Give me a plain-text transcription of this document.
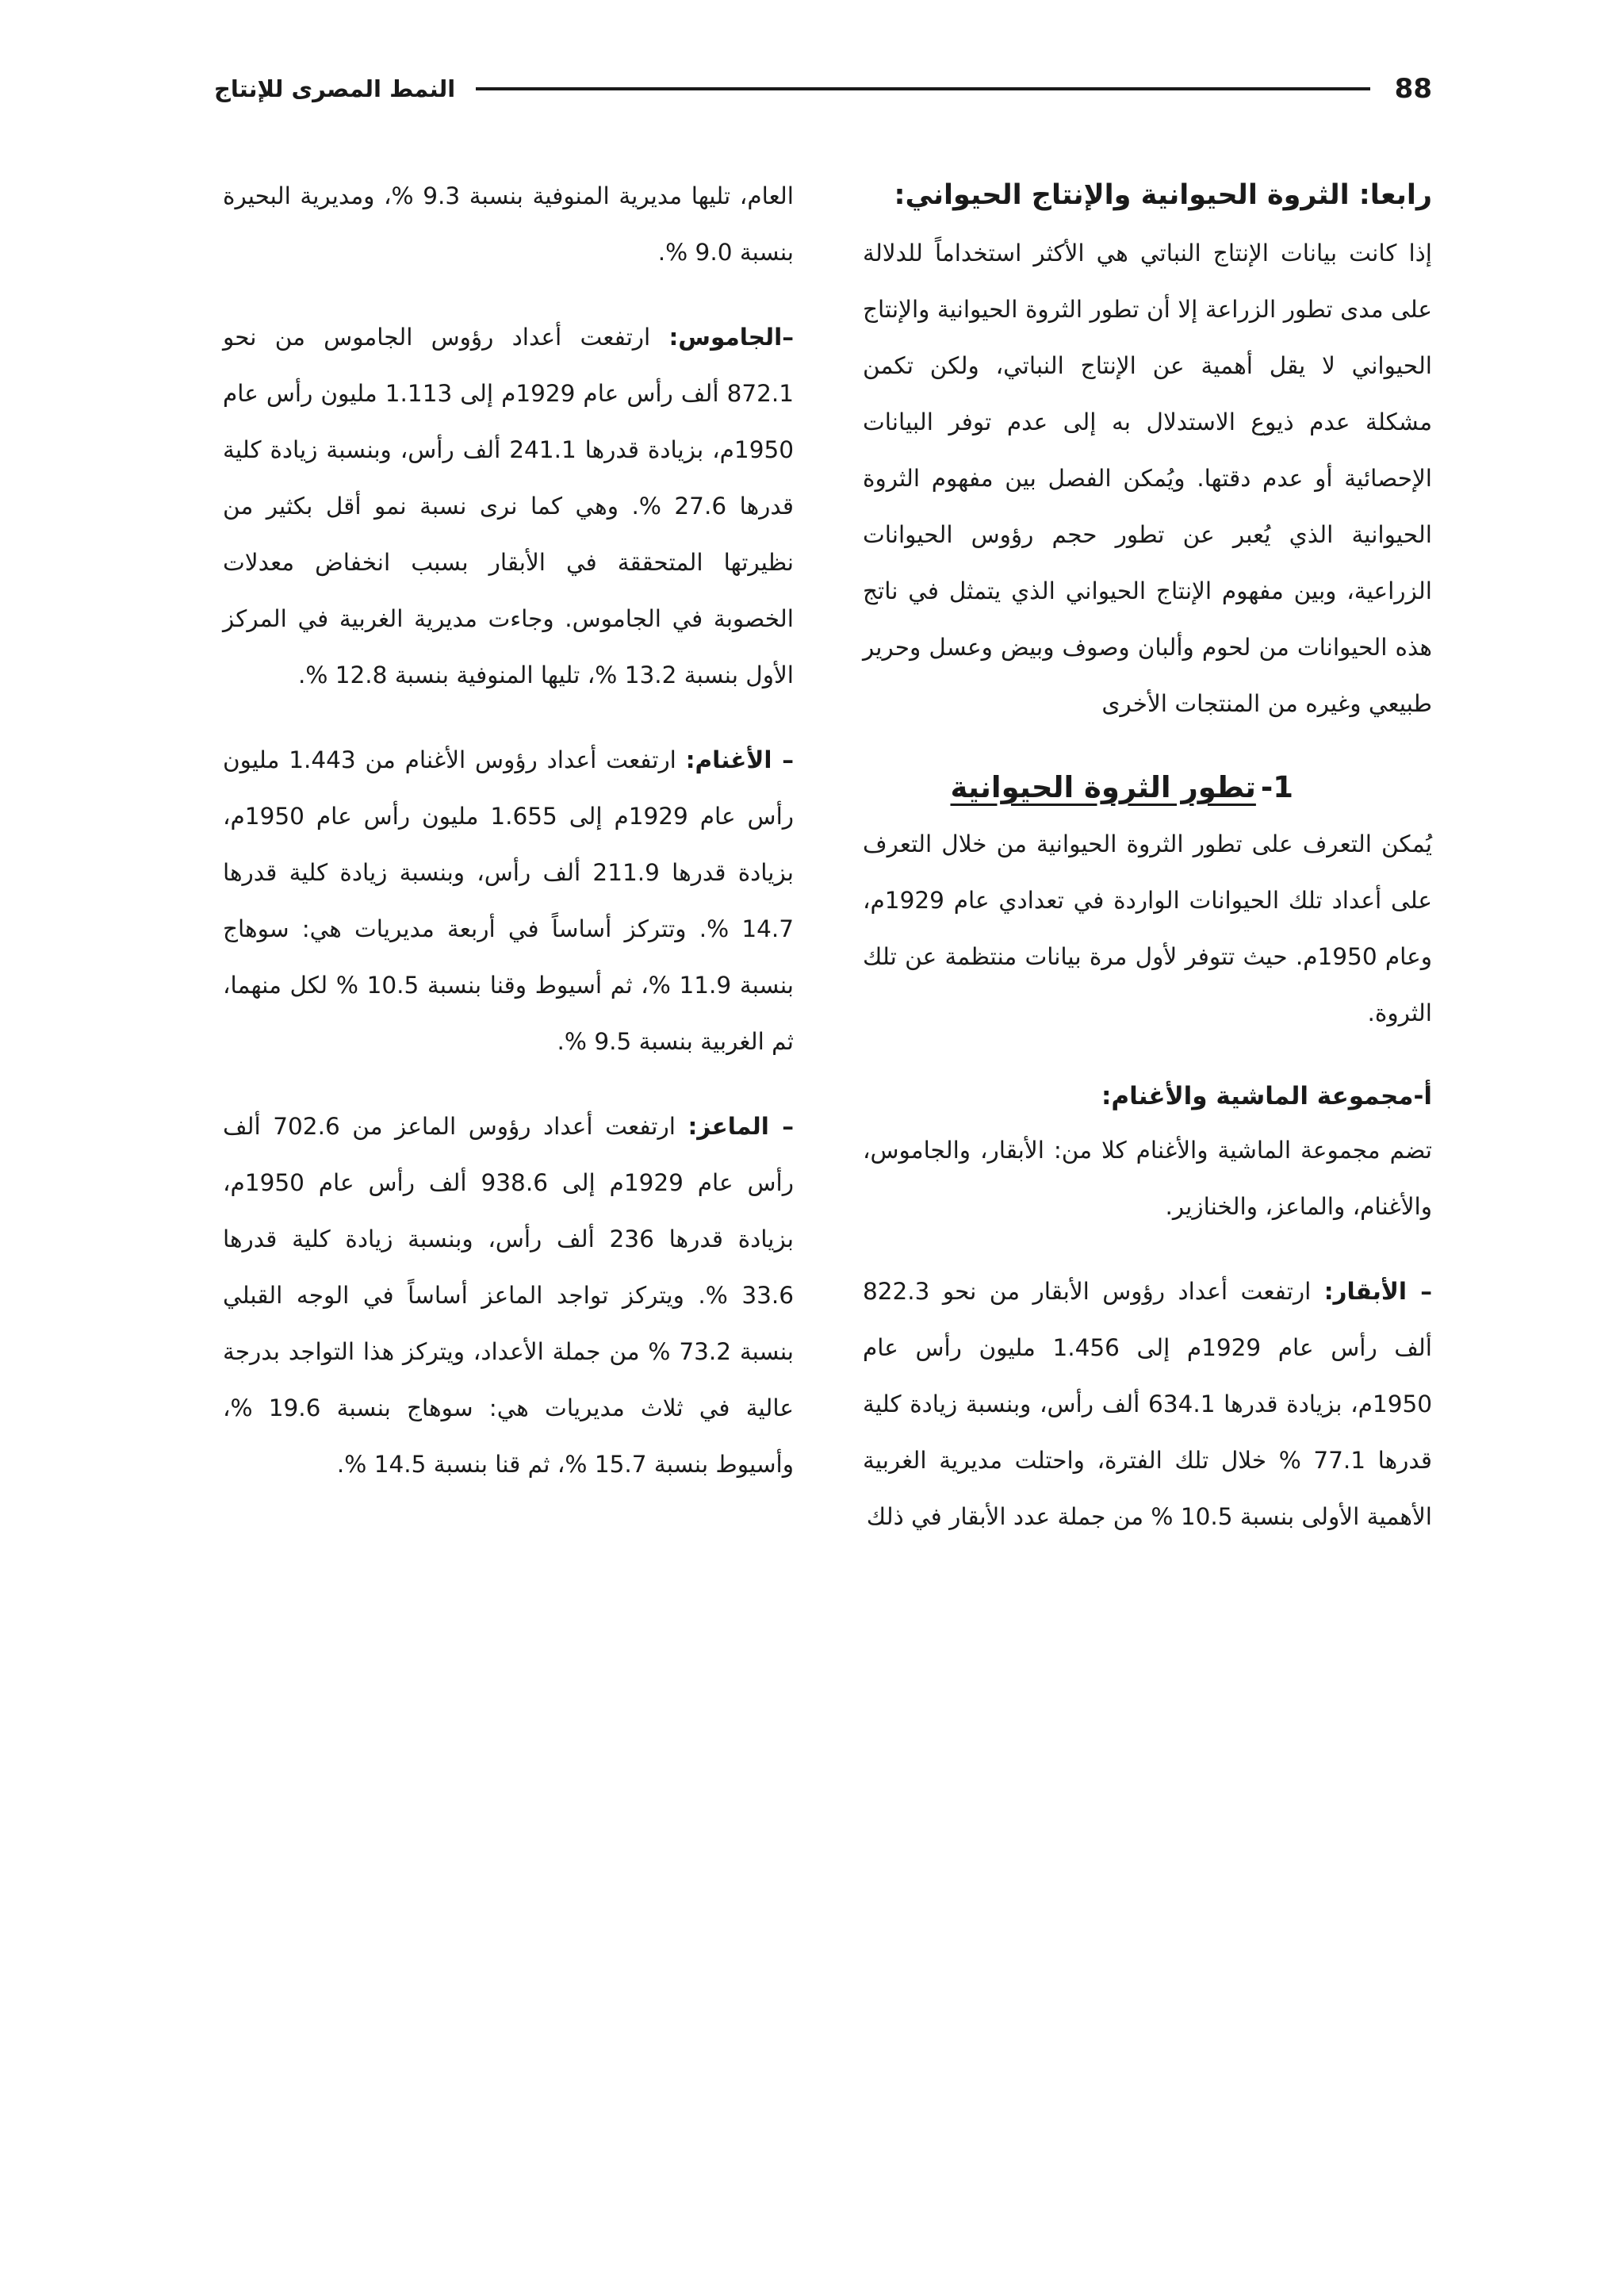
88
النمط المصرى للإنتاج
رابعا: الثروة الحيوانية والإنتاج الحيواني:

إذا كانت بيانات الإنتاج النباتي هي الأكثر استخداماً للدلالة على مدى تطور الزراعة إلا أن تطور الثروة الحيوانية والإنتاج الحيواني لا يقل أهمية عن الإنتاج النباتي، ولكن تكمن مشكلة عدم ذيوع الاستدلال به إلى عدم توفر البيانات الإحصائية أو عدم دقتها. ويُمكن الفصل بين مفهوم الثروة الحيوانية الذي يُعبر عن تطور حجم رؤوس الحيوانات الزراعية، وبين مفهوم الإنتاج الحيواني الذي يتمثل في ناتج هذه الحيوانات من لحوم وألبان وصوف وبيض وعسل وحرير طبيعي وغيره من المنتجات الأخرى

1-تطور الثروة الحيوانية

يُمكن التعرف على تطور الثروة الحيوانية من خلال التعرف على أعداد تلك الحيوانات الواردة في تعدادي عام 1929م، وعام 1950م. حيث تتوفر لأول مرة بيانات منتظمة عن تلك الثروة.

أ-مجموعة الماشية والأغنام:

تضم مجموعة الماشية والأغنام كلا من: الأبقار، والجاموس، والأغنام، والماعز، والخنازير.

– الأبقار: ارتفعت أعداد رؤوس الأبقار من نحو 822.3 ألف رأس عام 1929م إلى 1.456 مليون رأس عام 1950م، بزيادة قدرها 634.1 ألف رأس، وبنسبة زيادة كلية قدرها 77.1 % خلال تلك الفترة، واحتلت مديرية الغربية الأهمية الأولى بنسبة 10.5 % من جملة عدد الأبقار في ذلك

العام، تليها مديرية المنوفية بنسبة 9.3 %، ومديرية البحيرة بنسبة 9.0 %.

–الجاموس: ارتفعت أعداد رؤوس الجاموس من نحو 872.1 ألف رأس عام 1929م إلى 1.113 مليون رأس عام 1950م، بزيادة قدرها 241.1 ألف رأس، وبنسبة زيادة كلية قدرها 27.6 %. وهي كما نرى نسبة نمو أقل بكثير من نظيرتها المتحققة في الأبقار بسبب انخفاض معدلات الخصوبة في الجاموس. وجاءت مديرية الغربية في المركز الأول بنسبة 13.2 %، تليها المنوفية بنسبة 12.8 %.

– الأغنام: ارتفعت أعداد رؤوس الأغنام من 1.443 مليون رأس عام 1929م إلى 1.655 مليون رأس عام 1950م، بزيادة قدرها 211.9 ألف رأس، وبنسبة زيادة كلية قدرها 14.7 %. وتتركز أساساً في أربعة مديريات هي: سوهاج بنسبة 11.9 %، ثم أسيوط وقنا بنسبة 10.5 % لكل منهما، ثم الغربية بنسبة 9.5 %.

– الماعز: ارتفعت أعداد رؤوس الماعز من 702.6 ألف رأس عام 1929م إلى 938.6 ألف رأس عام 1950م، بزيادة قدرها 236 ألف رأس، وبنسبة زيادة كلية قدرها 33.6 %. ويتركز تواجد الماعز أساساً في الوجه القبلي بنسبة 73.2 % من جملة الأعداد، ويتركز هذا التواجد بدرجة عالية في ثلاث مديريات هي: سوهاج بنسبة 19.6 %، وأسيوط بنسبة 15.7 %، ثم قنا بنسبة 14.5 %.
